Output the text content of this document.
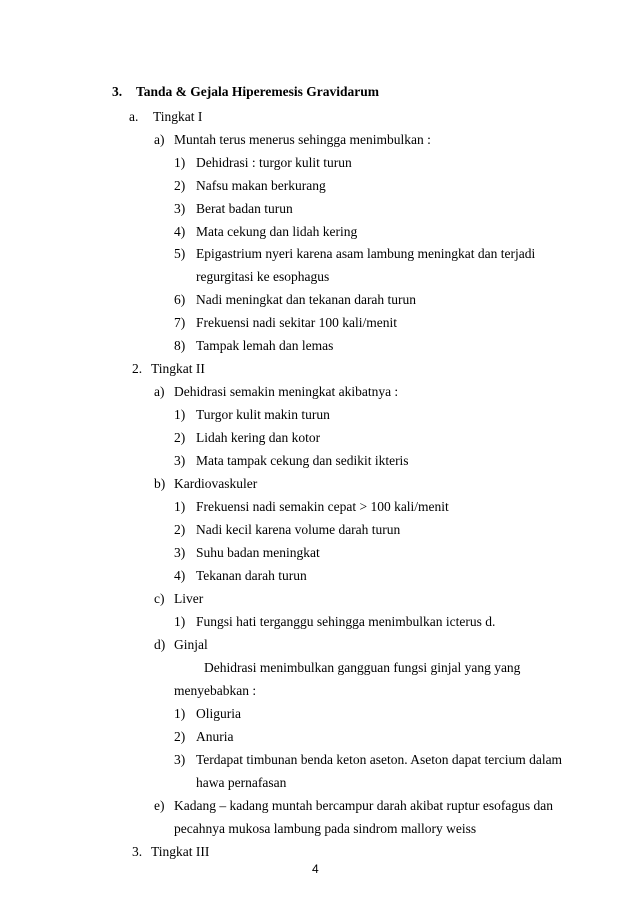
3. Tanda & Gejala Hiperemesis Gravidarum
a. Tingkat I
a) Muntah terus menerus sehingga menimbulkan :
1) Dehidrasi : turgor kulit turun
2) Nafsu makan berkurang
3) Berat badan turun
4) Mata cekung dan lidah kering
5) Epigastrium nyeri karena asam lambung meningkat dan terjadi
regurgitasi ke esophagus
6) Nadi meningkat dan tekanan darah turun
7) Frekuensi nadi sekitar 100 kali/menit
8) Tampak lemah dan lemas
2. Tingkat II
a) Dehidrasi semakin meningkat akibatnya :
1) Turgor kulit makin turun
2) Lidah kering dan kotor
3) Mata tampak cekung dan sedikit ikteris
b) Kardiovaskuler
1) Frekuensi nadi semakin cepat > 100 kali/menit
2) Nadi kecil karena volume darah turun
3) Suhu badan meningkat
4) Tekanan darah turun
c) Liver
1) Fungsi hati terganggu sehingga menimbulkan icterus d.
d) Ginjal
Dehidrasi menimbulkan gangguan fungsi ginjal yang yang
menyebabkan :
1) Oliguria
2) Anuria
3) Terdapat timbunan benda keton aseton. Aseton dapat tercium dalam
hawa pernafasan
e) Kadang – kadang muntah bercampur darah akibat ruptur esofagus dan
pecahnya mukosa lambung pada sindrom mallory weiss
3. Tingkat III
4
